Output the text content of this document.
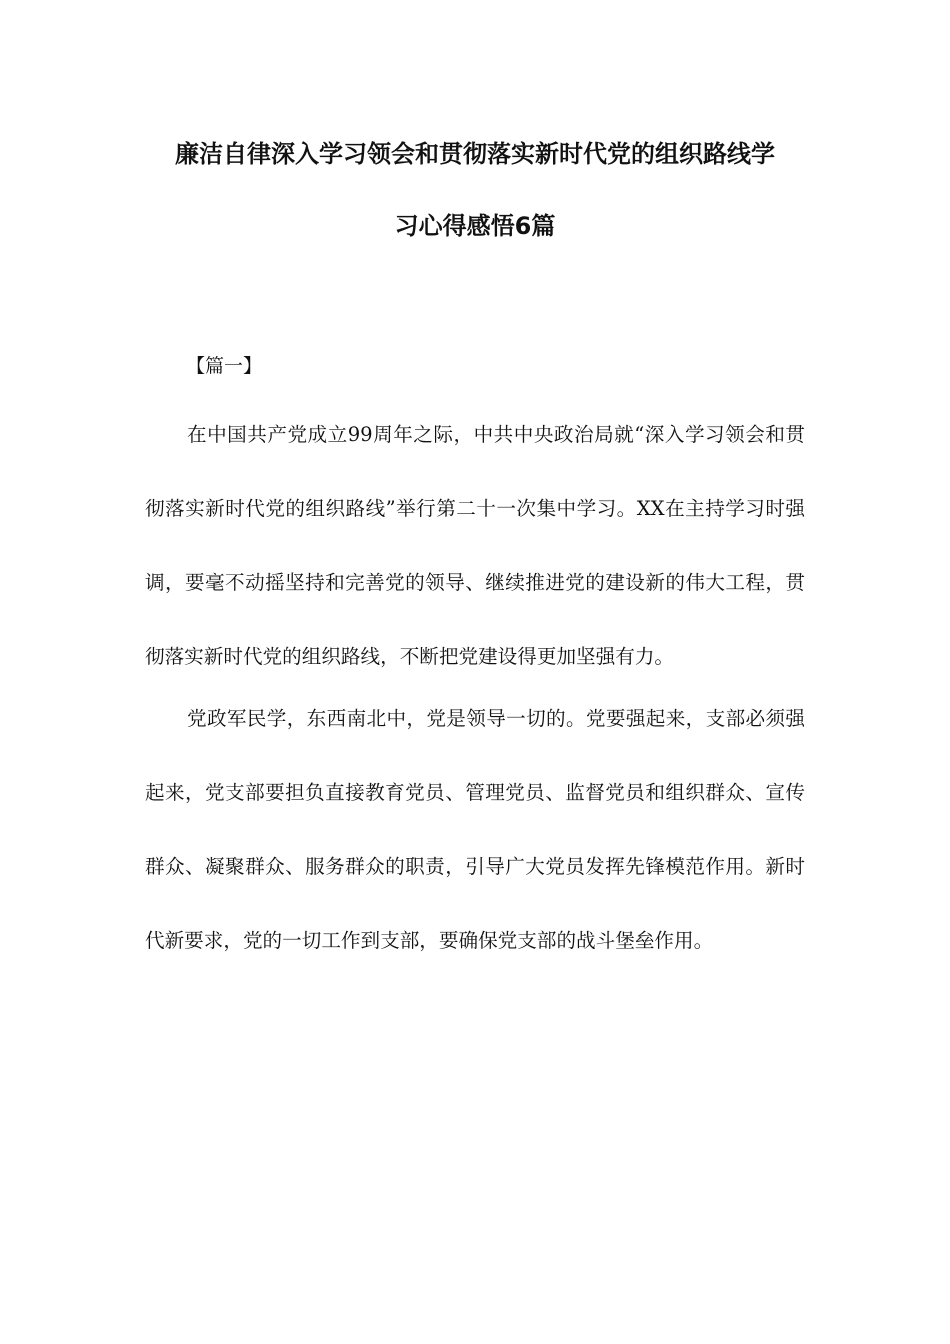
廉洁自律深入学习领会和贯彻落实新时代党的组织路线学
习心得感悟6篇

【篇一】

在中国共产党成立99周年之际，中共中央政治局就“深入学习领会和贯彻落实新时代党的组织路线”举行第二十一次集中学习。XX在主持学习时强调，要毫不动摇坚持和完善党的领导、继续推进党的建设新的伟大工程，贯彻落实新时代党的组织路线，不断把党建设得更加坚强有力。

党政军民学，东西南北中，党是领导一切的。党要强起来，支部必须强起来，党支部要担负直接教育党员、管理党员、监督党员和组织群众、宣传群众、凝聚群众、服务群众的职责，引导广大党员发挥先锋模范作用。新时代新要求，党的一切工作到支部，要确保党支部的战斗堡垒作用。
